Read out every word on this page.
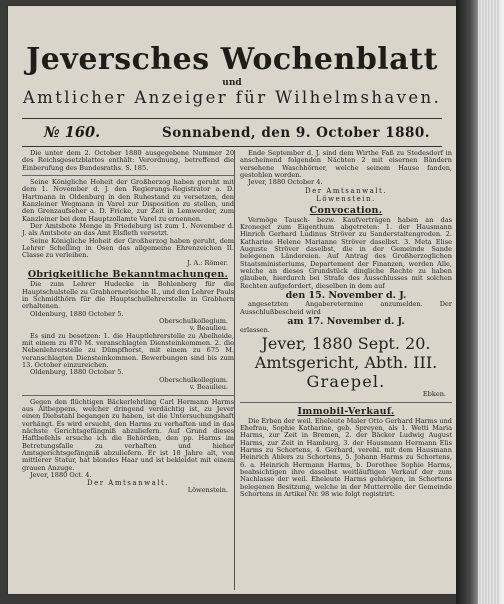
Jeversches Wochenblatt
und
Amtlicher Anzeiger für Wilhelmshaven.
№ 160.	Sonnabend, den 9. October 1880.

Die unter dem 2. October 1880 ausgegebene Nummer 20 des Reichsgesetzblattes enthält: Verordnung, betreffend die Einberufung des Bundesraths. S. 185.

Seine Königliche Hoheit der Großherzog haben geruht mit dem 1. November d. J. den Regierungs-Registrator a. D. Hartmann in Oldenburg in den Ruhestand zu versetzen, den Kanzleiner Wegmann in Varel zur Disposition zu stellen, und den Grenzaufseher a. D. Fricke, zur Zeit in Lemwerder, zum Kanzleiner bei dem Hauptzollamte Varel zu ernennen.

Der Amtsbote Menge in Friedeburg ist zum 1. November d. J. als Amtsbote an das Amt Elsfleth versetzt.

Seine Königliche Hoheit der Großherzog haben geruht, dem Lehrer Schelling in Osen das allgemeine Ehrenzeichen II. Classe zu verleihen.

J. A.: Römer.
Obrigkeitliche Bekanntmachungen.

Die zum Lehrer Hudecke in Bohlenberg für die Hauptschulstelle zu Grabhornerleiche II., und den Lehrer Pauls in Schmidthörn für die Hauptschullehrerstelle in Grabhorn erhaltenen.

Oldenburg, 1880 October 5.

Oberschulkollegium.
v. Beaulieu.

Es sind zu besetzen: 1. die Hauptlehrerstelle zu Abelheide, mit einem zu 870 M. veranschlagten Diensteinkommen. 2. die Nebenlehrerstelle zu Dümpfhorst, mit einem zu 675 M. veranschlagten Diensteinkommen. Bewerbungen sind bis zum 13. October einzureichen.

Oldenburg, 1880 October 5.

Oberschulkollegium.
v. Beaulieu.

Gegen den flüchtigen Bäckerlehrling Carl Hermann Harms aus Altbeppens, welcher dringend verdächtig ist, zu Jever einen Diebstahl begangen zu haben, ist die Untersuchungshaft verhängt. Es wird ersucht, den Harms zu verhaften und in das nächste Gerichtsgefängniß abzuliefern. Auf Grund dieses Haftbefehls ersuche ich die Behörden, den pp. Harms im Betretungsfalle zu verhaften und hieher Amtsgerichtsgefängniß abzuliefern. Er ist 18 Jahre alt, von mittlerer Statur, hat blondes Haar und ist bekleidet mit einem grauen Anzuge.

Jever, 1880 Oct. 4.

Der Amtsanwalt.
Löwenstein.

Ende September d. J. sind dem Wirthe Faß zu Stedesdorf in anscheinend folgenden Nächten 2 mit eisernen Bändern versehene Waschhörner, welche seinem Hause fanden, gestohlen worden.

Jever, 1880 October 4.

Der Amtsanwalt.
Löwenstein.
Convocation.

Vermöge Tausch- bezw. Kaufverträgen haben an das Kroneget zum Eigenthum abgetreten: 1. der Hausmann Hinrich Gerhard Ludinus Ströver zu Sanderstaltengroden. 2. Katharine Helene Marianne Ströver daselbst. 3. Meta Elise Auguste Ströver daselbst, die in der Gemeinde Sande belegenen Ländereien. Auf Antrag des Großherzoglichen Staatsministeriums, Departement der Finanzen, werden Alle, welche an dieses Grundstück dingliche Rechte zu haben glauben, hierdurch bei Strafe des Ausschlusses mit solchen Rechten aufgefordert, dieselben in dem auf

den 15. November d. J.

angesetzten Angaberetermine anzumelden. Der Ausschlußbescheid wird

am 17. November d. J.

erlassen.

Jever, 1880 Sept. 20.
Amtsgericht, Abth. III.
Graepel.
Ebken.
Immobil-Verkauf.

Die Erben der weil. Eheleute Maler Otto Gerhard Harms und Ehefrau, Sophie Katharine, geb. Spreyen, als 1. Wetti Maria Harms, zur Zeit in Bremen, 2. der Bäcker Ludwig August Harms, zur Zeit in Hamburg, 3. der Hausmann Hermann Elis Harms zu Schortens, 4. Gerhard, verehl. mit dem Hausmann Heinrich Ahlers zu Schortens, 5. Johann Harms zu Schortens, 6. a. Heinrich Hermann Harms, b. Dorothee Sophie Harms, beabsichtigen ihre daselbst weitläuftigen Verkauf der zum Nachlasse der weil. Eheleute Harms gehörigen, in Schortens belegenen Besitzung, welche in der Mutterrolle der Gemeinde Schortens in Artikel Nr. 98 wie folgt registrirt:
